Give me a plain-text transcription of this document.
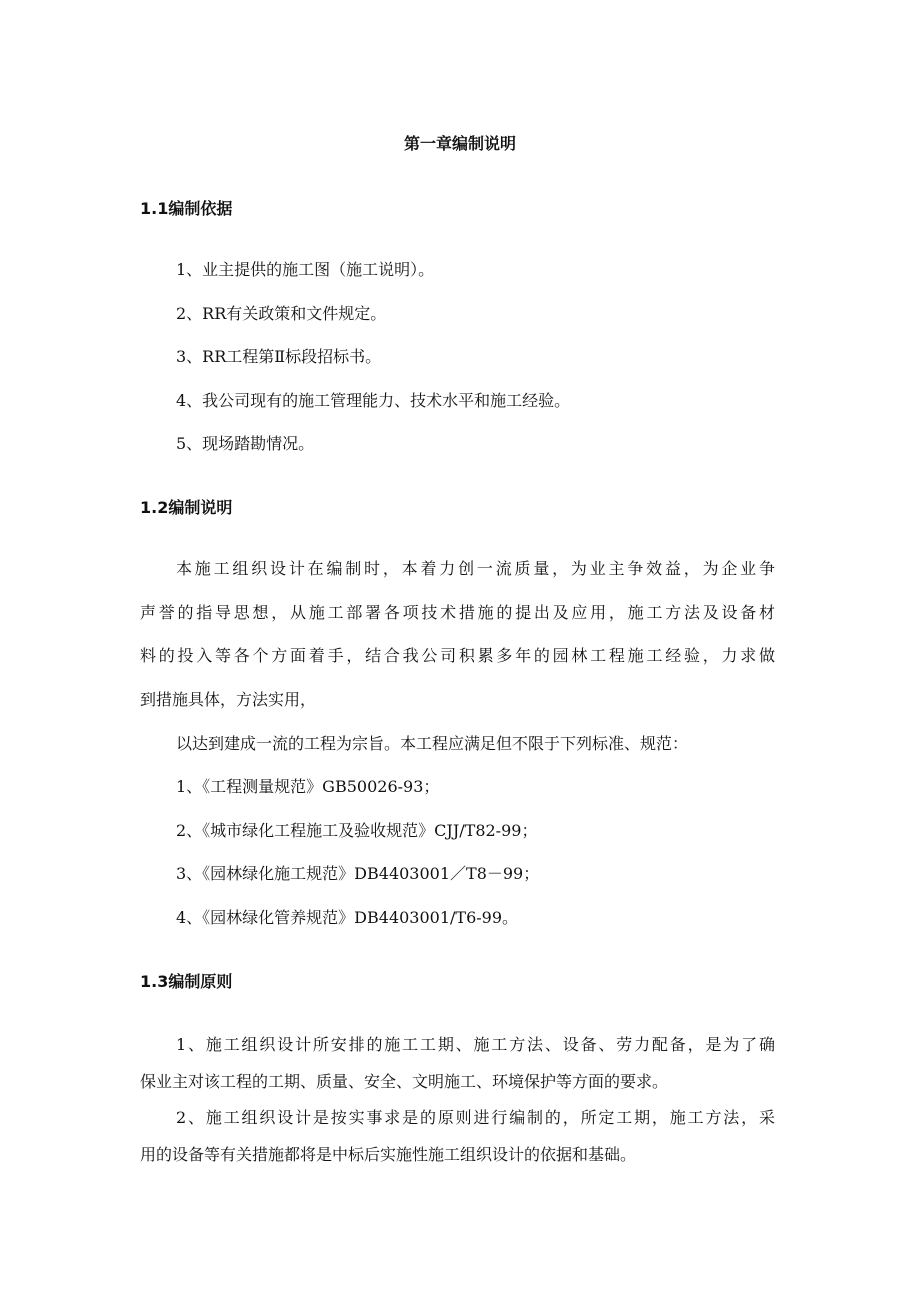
第一章编制说明
1.1编制依据
1、业主提供的施工图（施工说明）。
2、RR有关政策和文件规定。
3、RR工程第Ⅱ标段招标书。
4、我公司现有的施工管理能力、技术水平和施工经验。
5、现场踏勘情况。
1.2编制说明
本施工组织设计在编制时，本着力创一流质量，为业主争效益，为企业争
声誉的指导思想，从施工部署各项技术措施的提出及应用，施工方法及设备材
料的投入等各个方面着手，结合我公司积累多年的园林工程施工经验，力求做
到措施具体，方法实用，
以达到建成一流的工程为宗旨。本工程应满足但不限于下列标准、规范：
1、《工程测量规范》GB50026-93；
2、《城市绿化工程施工及验收规范》CJJ/T82-99；
3、《园林绿化施工规范》DB4403001／T8－99；
4、《园林绿化管养规范》DB4403001/T6-99。
1.3编制原则
1、施工组织设计所安排的施工工期、施工方法、设备、劳力配备，是为了确
保业主对该工程的工期、质量、安全、文明施工、环境保护等方面的要求。
2、施工组织设计是按实事求是的原则进行编制的，所定工期，施工方法，采
用的设备等有关措施都将是中标后实施性施工组织设计的依据和基础。
